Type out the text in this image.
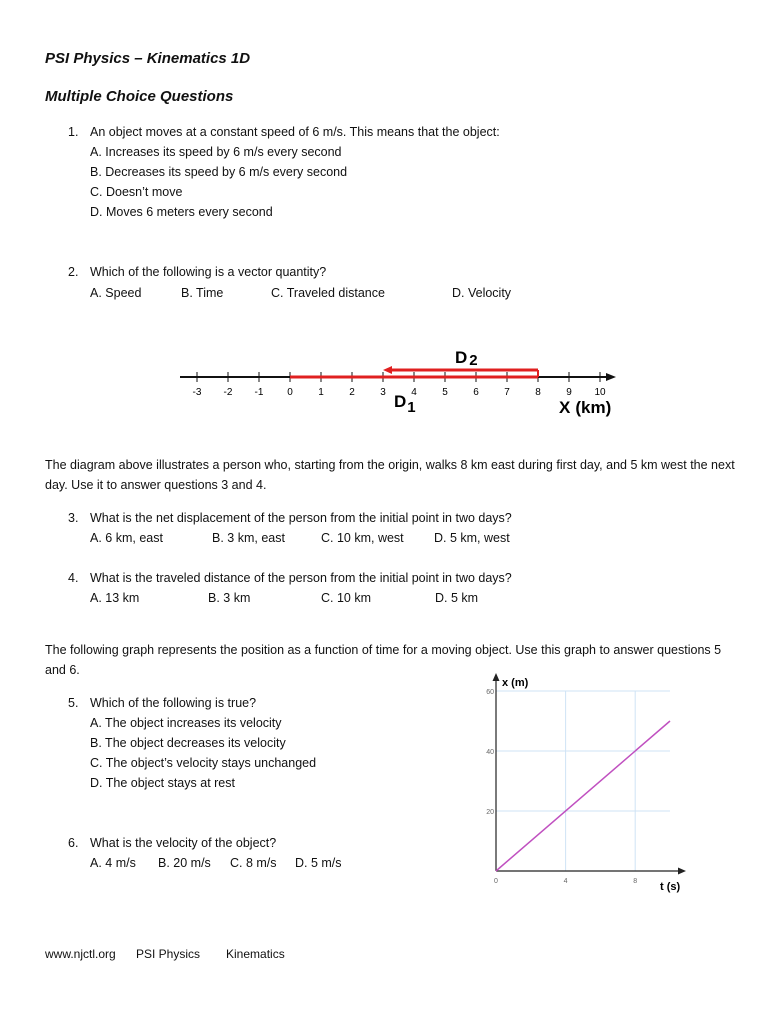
PSI Physics – Kinematics 1D
Multiple Choice Questions
1. An object moves at a constant speed of 6 m/s. This means that the object:
A. Increases its speed by 6 m/s every second
B. Decreases its speed by 6 m/s every second
C. Doesn’t move
D. Moves 6 meters every second
2. Which of the following is a vector quantity?
A. Speed	B. Time	C. Traveled distance	D. Velocity
-3 -2 -1 0	1	2	3	4	5	6	7	8	9 10
D 2
D1	X (km)
The diagram above illustrates a person who, starting from the origin, walks 8 km east during first day, and 5 km west the next day. Use it to answer questions 3 and 4.
3. What is the net displacement of the person from the initial point in two days?
A. 6 km, east	B. 3 km, east	C. 10 km, west D. 5 km, west
4. What is the traveled distance of the person from the initial point in two days?
A. 13 km	B. 3 km	C. 10 km	D. 5 km
The following graph represents the position as a function of time for a moving object. Use this graph to answer questions 5 and 6.
5. Which of the following is true?
A. The object increases its velocity
B. The object decreases its velocity
C. The object’s velocity stays unchanged
D. The object stays at rest
6. What is the velocity of the object?
A. 4 m/s B. 20 m/s C. 8 m/s D. 5 m/s
20
40
60
0	4	8
x (m)
t (s)
www.njctl.org PSI Physics Kinematics
